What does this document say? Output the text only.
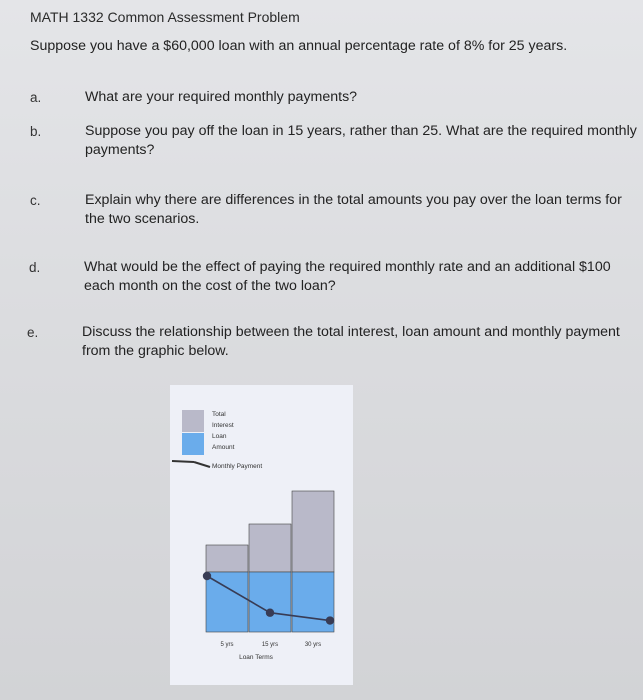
MATH 1332 Common Assessment Problem
Suppose you have a $60,000 loan with an annual percentage rate of 8% for 25 years.
a.	What are your required monthly payments?
b.	Suppose you pay off the loan in 15 years, rather than 25. What are the required monthly payments?
c.	Explain why there are differences in the total amounts you pay over the loan terms for the two scenarios.
d.	What would be the effect of paying the required monthly rate and an additional $100 each month on the cost of the two loan?
e.	Discuss the relationship between the total interest, loan amount and monthly payment from the graphic below.
Total
Interest
Loan
Amount
Monthly Payment
5 yrs	15 yrs	30 yrs
Loan Terms
